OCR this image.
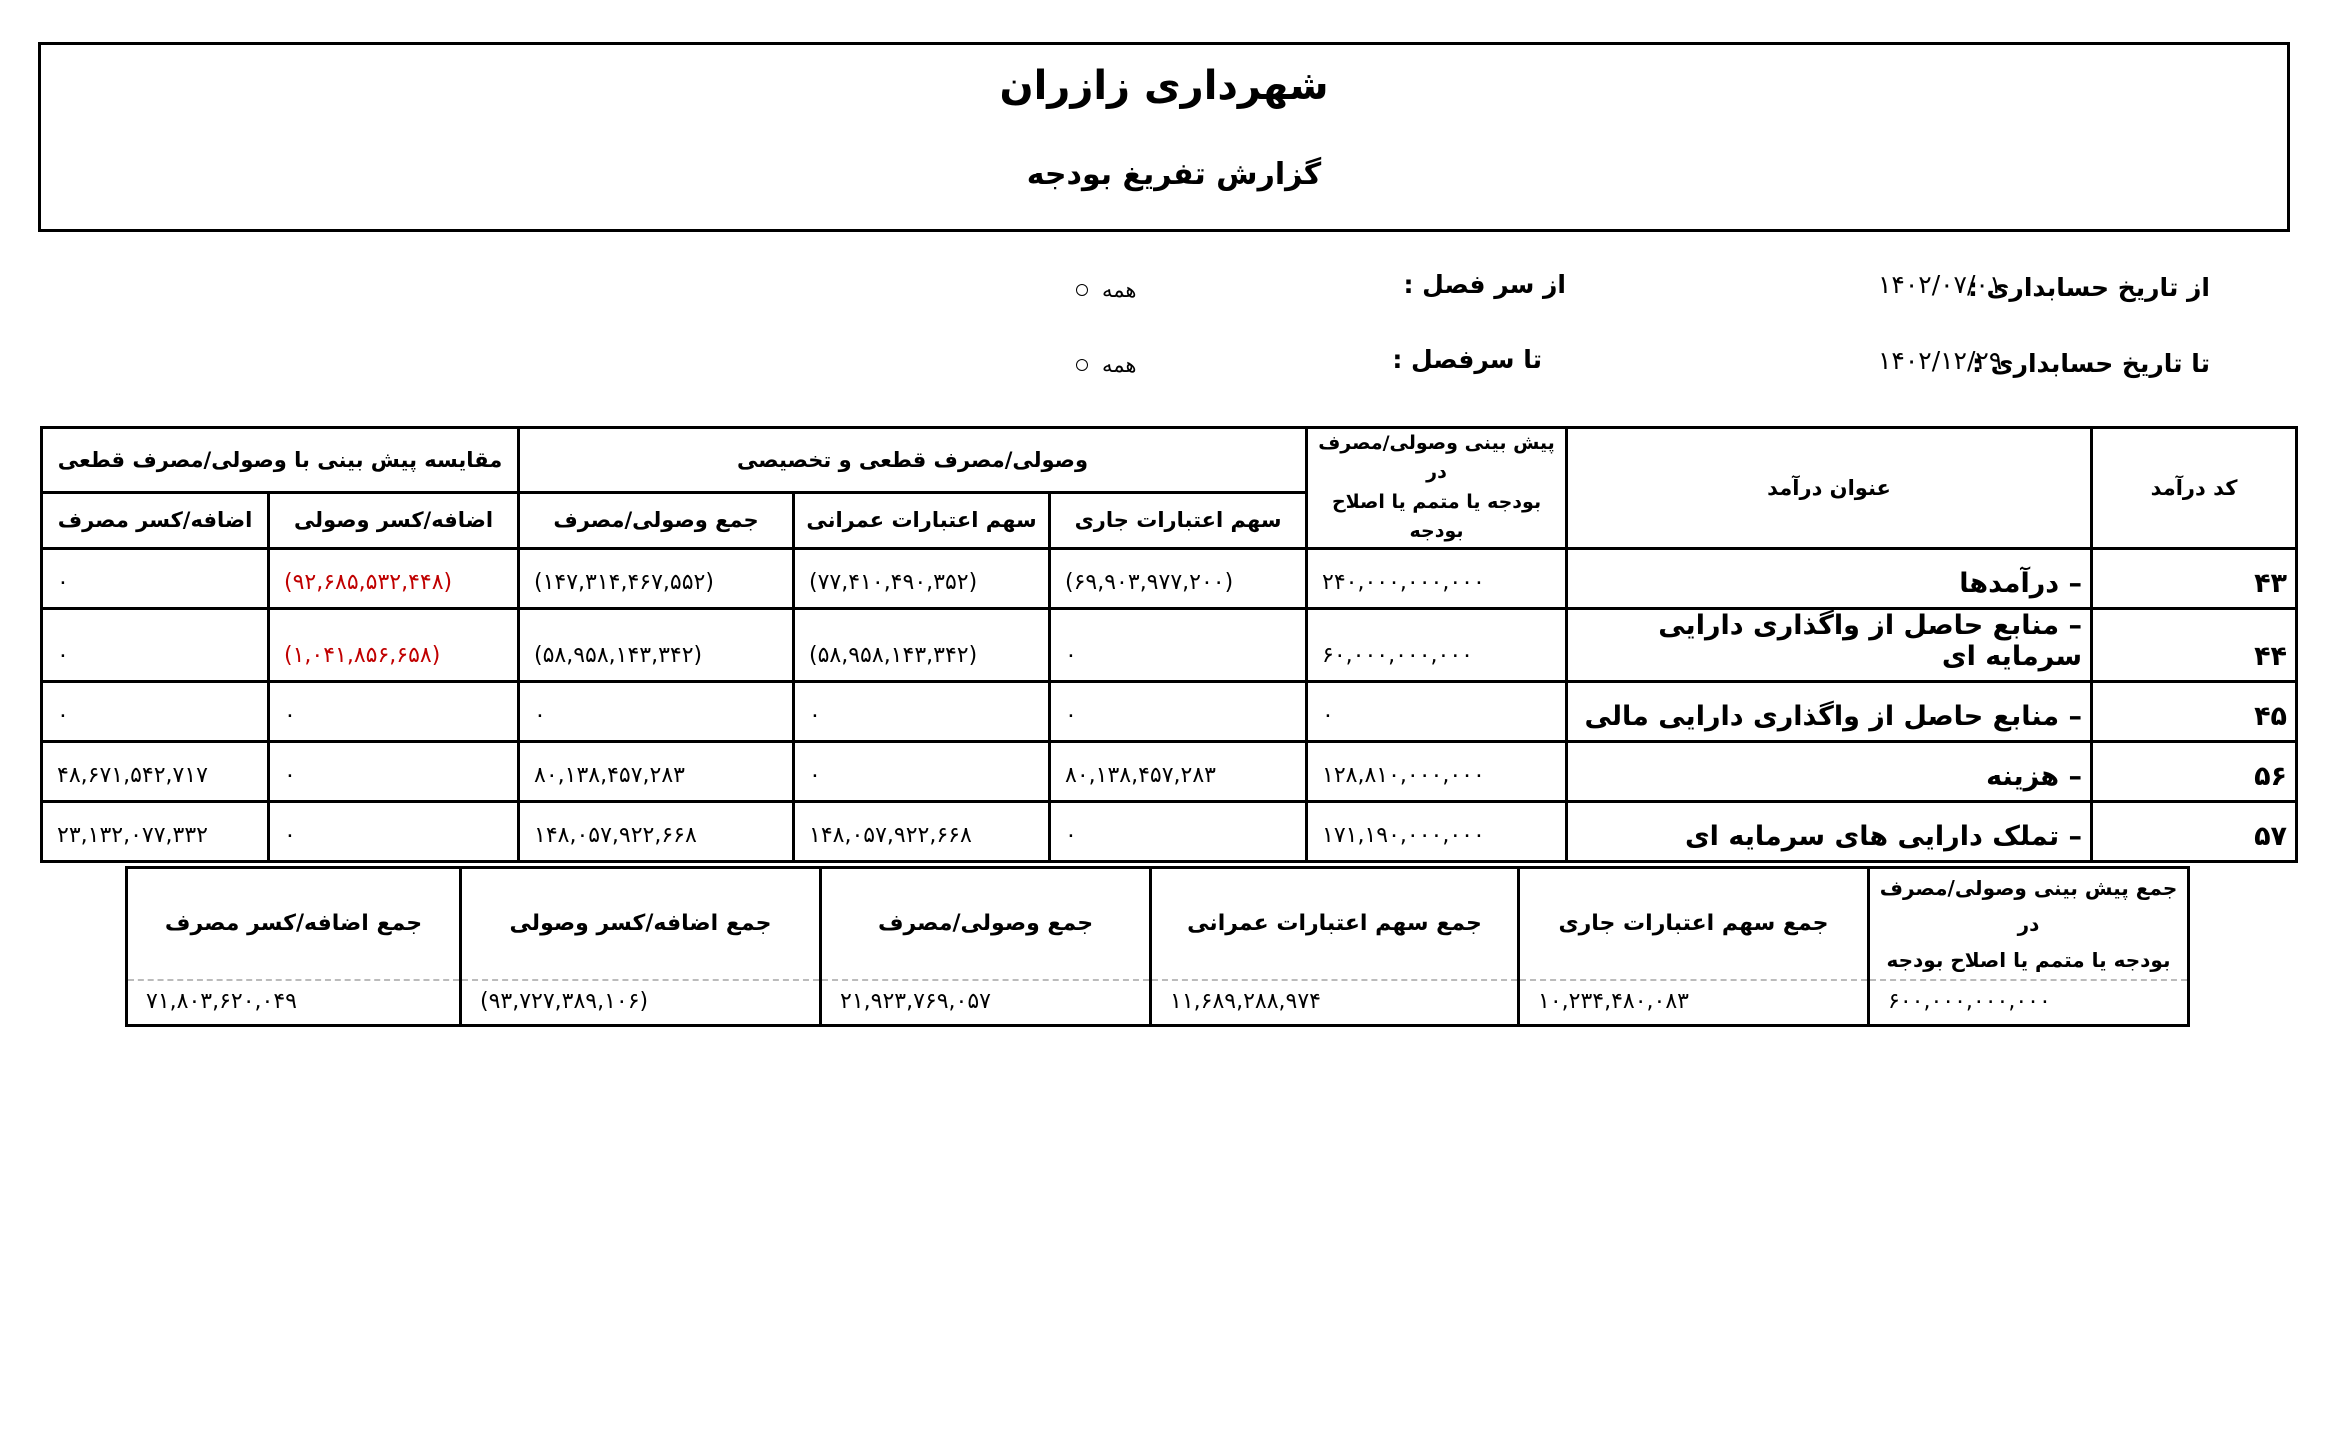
شهرداری زازران
گزارش تفریغ بودجه
از تاریخ حسابداری :
۱۴۰۲/۰۷/۰۱
تا تاریخ حسابداری :
۱۴۰۲/۱۲/۲۹
از سر فصل :
تا سرفصل :
همه
همه
کد درآمد	عنوان درآمد	پیش بینی وصولی/مصرف در
بودجه یا متمم یا اصلاح بودجه	وصولی/مصرف قطعی و تخصیصی			مقایسه پیش بینی با وصولی/مصرف قطعی	
			سهم اعتبارات جاری	سهم اعتبارات عمرانی	جمع وصولی/مصرف	اضافه/کسر وصولی	اضافه/کسر مصرف
۴۳	– درآمدها	۲۴۰,۰۰۰,۰۰۰,۰۰۰	(۶۹,۹۰۳,۹۷۷,۲۰۰)	(۷۷,۴۱۰,۴۹۰,۳۵۲)	(۱۴۷,۳۱۴,۴۶۷,۵۵۲)	(۹۲,۶۸۵,۵۳۲,۴۴۸)	۰
۴۴	– منابع حاصل از واگذاری دارایی سرمایه ای	۶۰,۰۰۰,۰۰۰,۰۰۰	۰	(۵۸,۹۵۸,۱۴۳,۳۴۲)	(۵۸,۹۵۸,۱۴۳,۳۴۲)	(۱,۰۴۱,۸۵۶,۶۵۸)	۰
۴۵	– منابع حاصل از واگذاری دارایی مالی	۰	۰	۰	۰	۰	۰
۵۶	– هزینه	۱۲۸,۸۱۰,۰۰۰,۰۰۰	۸۰,۱۳۸,۴۵۷,۲۸۳	۰	۸۰,۱۳۸,۴۵۷,۲۸۳	۰	۴۸,۶۷۱,۵۴۲,۷۱۷
۵۷	– تملک دارایی های سرمایه ای	۱۷۱,۱۹۰,۰۰۰,۰۰۰	۰	۱۴۸,۰۵۷,۹۲۲,۶۶۸	۱۴۸,۰۵۷,۹۲۲,۶۶۸	۰	۲۳,۱۳۲,۰۷۷,۳۳۲
جمع پیش بینی وصولی/مصرف در
بودجه یا متمم یا اصلاح بودجه	جمع سهم اعتبارات جاری	جمع سهم اعتبارات عمرانی	جمع وصولی/مصرف	جمع اضافه/کسر وصولی	جمع اضافه/کسر مصرف
۶۰۰,۰۰۰,۰۰۰,۰۰۰	۱۰,۲۳۴,۴۸۰,۰۸۳	۱۱,۶۸۹,۲۸۸,۹۷۴	۲۱,۹۲۳,۷۶۹,۰۵۷	(۹۳,۷۲۷,۳۸۹,۱۰۶)	۷۱,۸۰۳,۶۲۰,۰۴۹
